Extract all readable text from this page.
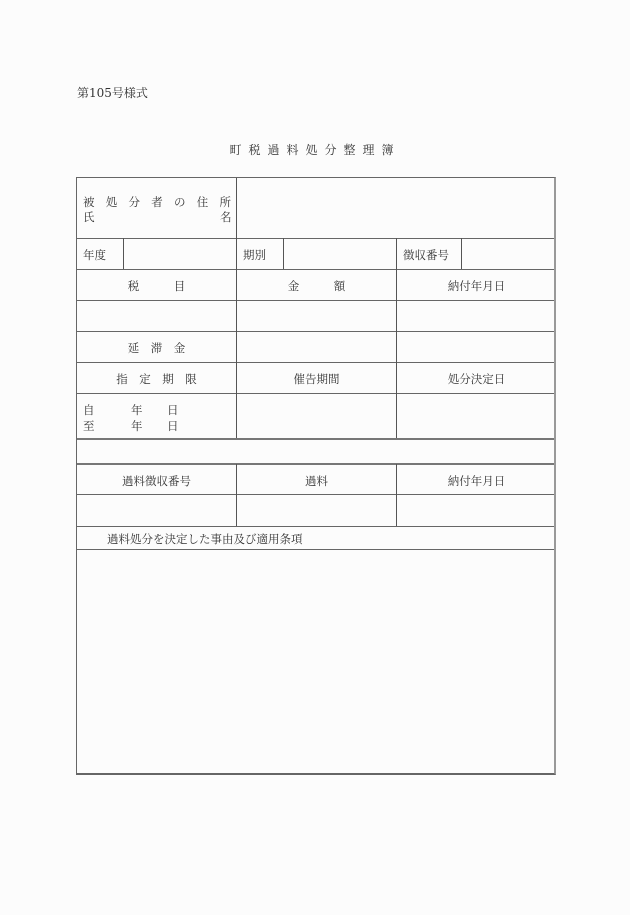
第105号様式
町税過料処分整理簿
被 処 分 者 の 住 所
氏	名
年度	期別	徴収番号
税　　　目	金　　　額	納付年月日
延　滞　金
指　定　期　限	催告期間	処分決定日
自	年 日
至	年 日
過料徴収番号	過料	納付年月日
過料処分を決定した事由及び適用条項
